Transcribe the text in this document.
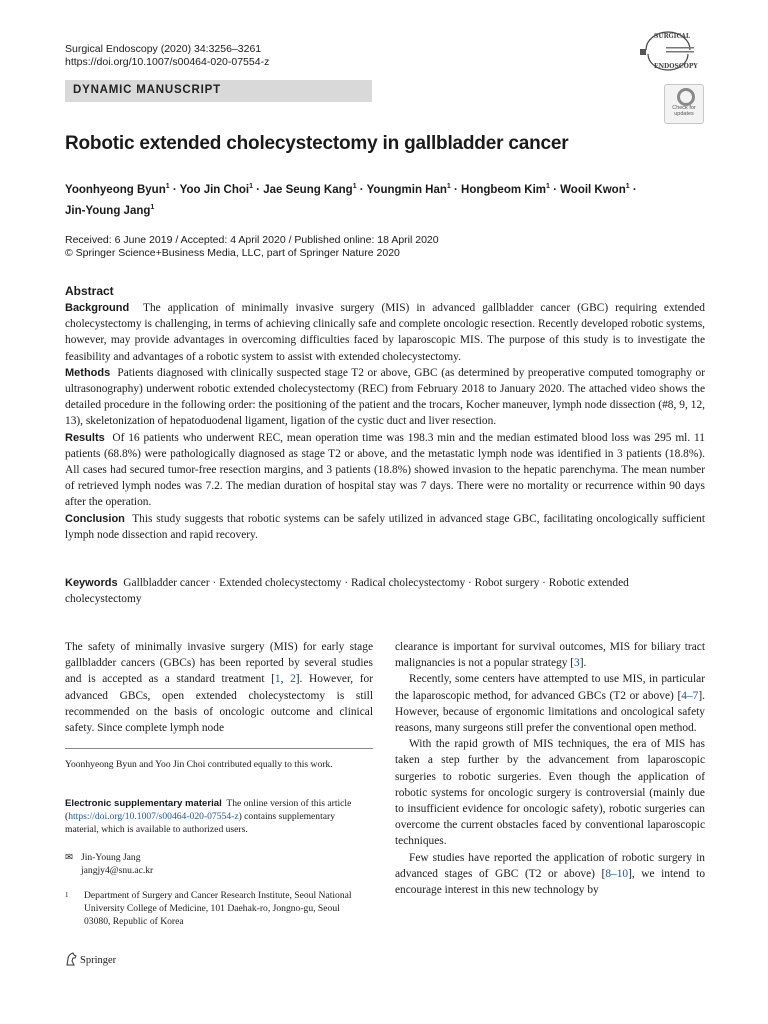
Surgical Endoscopy (2020) 34:3256–3261
https://doi.org/10.1007/s00464-020-07554-z
SURGICAL
ENDOSCOPY
Check for
updates
DYNAMIC MANUSCRIPT
Robotic extended cholecystectomy in gallbladder cancer
Yoonhyeong Byun$^1$ · Yoo Jin Choi$^1$ · Jae Seung Kang$^1$ · Youngmin Han$^1$ · Hongbeom Kim$^1$ · Wooil Kwon$^1$ ·
Jin-Young Jang$^1$
Received: 6 June 2019 / Accepted: 4 April 2020 / Published online: 18 April 2020
© Springer Science+Business Media, LLC, part of Springer Nature 2020
Abstract

Background The application of minimally invasive surgery (MIS) in advanced gallbladder cancer (GBC) requiring extended cholecystectomy is challenging, in terms of achieving clinically safe and complete oncologic resection. Recently developed robotic systems, however, may provide advantages in overcoming difficulties faced by laparoscopic MIS. The purpose of this study is to investigate the feasibility and advantages of a robotic system to assist with extended cholecystectomy.

Methods Patients diagnosed with clinically suspected stage T2 or above, GBC (as determined by preoperative computed tomography or ultrasonography) underwent robotic extended cholecystectomy (REC) from February 2018 to January 2020. The attached video shows the detailed procedure in the following order: the positioning of the patient and the trocars, Kocher maneuver, lymph node dissection (#8, 9, 12, 13), skeletonization of hepatoduodenal ligament, ligation of the cystic duct and liver resection.

Results Of 16 patients who underwent REC, mean operation time was 198.3 min and the median estimated blood loss was 295 ml. 11 patients (68.8%) were pathologically diagnosed as stage T2 or above, and the metastatic lymph node was identified in 3 patients (18.8%). All cases had secured tumor-free resection margins, and 3 patients (18.8%) showed invasion to the hepatic parenchyma. The mean number of retrieved lymph nodes was 7.2. The median duration of hospital stay was 7 days. There were no mortality or recurrence within 90 days after the operation.

Conclusion This study suggests that robotic systems can be safely utilized in advanced stage GBC, facilitating oncologically sufficient lymph node dissection and rapid recovery.

Keywords Gallbladder cancer · Extended cholecystectomy · Radical cholecystectomy · Robot surgery · Robotic extended cholecystectomy

The safety of minimally invasive surgery (MIS) for early stage gallbladder cancers (GBCs) has been reported by several studies and is accepted as a standard treatment [1, 2]. However, for advanced GBCs, open extended cholecystectomy is still recommended on the basis of oncologic outcome and clinical safety. Since complete lymph node

clearance is important for survival outcomes, MIS for biliary tract malignancies is not a popular strategy [3].

Recently, some centers have attempted to use MIS, in particular the laparoscopic method, for advanced GBCs (T2 or above) [4–7]. However, because of ergonomic limitations and oncological safety reasons, many surgeons still prefer the conventional open method.

With the rapid growth of MIS techniques, the era of MIS has taken a step further by the advancement from laparoscopic surgeries to robotic surgeries. Even though the application of robotic systems for oncologic surgery is controversial (mainly due to insufficient evidence for oncologic safety), robotic surgeries can overcome the current obstacles faced by conventional laparoscopic techniques.

Few studies have reported the application of robotic surgery in advanced stages of GBC (T2 or above) [8–10], we intend to encourage interest in this new technology by

Yoonhyeong Byun and Yoo Jin Choi contributed equally to this work.
Electronic supplementary material The online version of this article (https://doi.org/10.1007/s00464-020-07554-z) contains supplementary material, which is available to authorized users.
✉ Jin-Young Jang
jangjy4@snu.ac.kr
1 Department of Surgery and Cancer Research Institute, Seoul National University College of Medicine, 101 Daehak-ro, Jongno-gu, Seoul 03080, Republic of Korea
Springer
